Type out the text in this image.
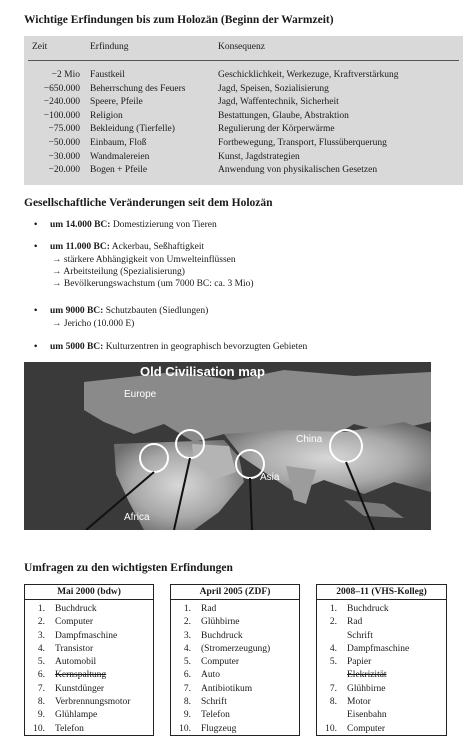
Wichtige Erfindungen bis zum Holozän (Beginn der Warmzeit)
Zeit	Erfindung	Konsequenz
−2 Mio Faustkeil	Geschicklichkeit, Werkezuge, Kraftverstärkung
−650.000 Beherrschung des Feuers	Jagd, Speisen, Sozialisierung
−240.000 Speere, Pfeile	Jagd, Waffentechnik, Sicherheit
−100.000 Religion	Bestattungen, Glaube, Abstraktion
−75.000 Bekleidung (Tierfelle)	Regulierung der Körperwärme
−50.000 Einbaum, Floß	Fortbewegung, Transport, Flussüberquerung
−30.000 Wandmalereien	Kunst, Jagdstrategien
−20.000 Bogen + Pfeile	Anwendung von physikalischen Gesetzen
Gesellschaftliche Veränderungen seit dem Holozän
• um 14.000 BC: Domestizierung von Tieren
• um 11.000 BC: Ackerbau, Seßhaftigkeit
→ stärkere Abhängigkeit von Umwelteinflüssen
→ Arbeitsteilung (Spezialisierung)
→ Bevölkerungswachstum (um 7000 BC: ca. 3 Mio)
• um 9000 BC: Schutzbauten (Siedlungen)
→ Jericho (10.000 E)
• um 5000 BC: Kulturzentren in geographisch bevorzugten Gebieten
Old Civilisation map
Europe
Africa
Asia
China
Umfragen zu den wichtigsten Erfindungen
Mai 2000 (bdw)
1. Buchdruck
2. Computer
3. Dampfmaschine
4. Transistor
5. Automobil
6. Kernspaltung
7. Kunstdünger
8. Verbrennungsmotor
9. Glühlampe
10. Telefon
April 2005 (ZDF)
1. Rad
2. Glühbirne
3. Buchdruck
4. (Stromerzeugung)
5. Computer
6. Auto
7. Antibiotikum
8. Schrift
9. Telefon
10. Flugzeug
2008–11 (VHS-Kolleg)
1. Buchdruck
2. Rad
Schrift
4. Dampfmaschine
5. Papier
Elekrizität
7. Glühbirne
8. Motor
Eisenbahn
10. Computer
